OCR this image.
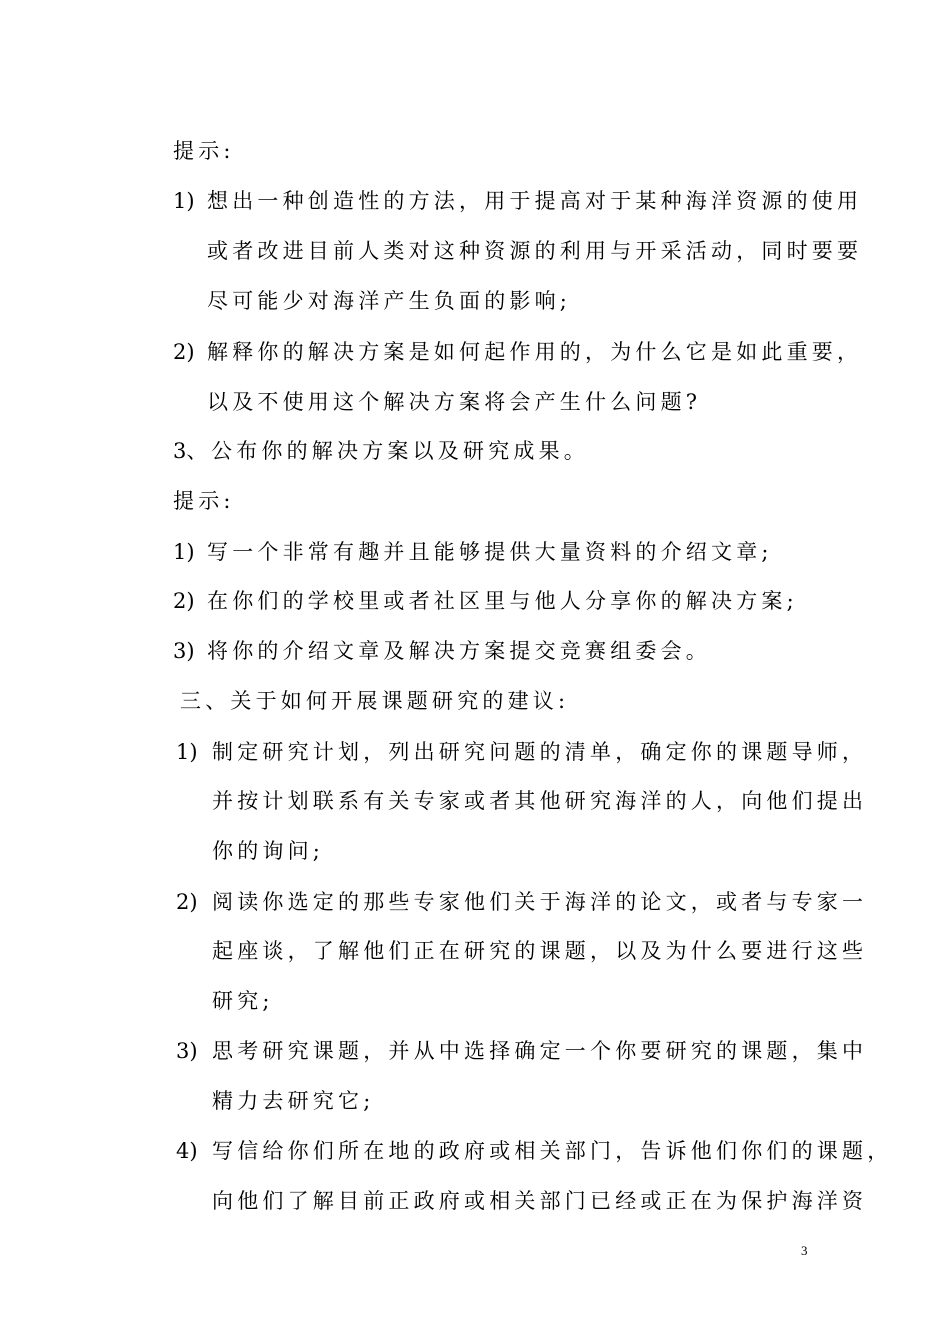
提示:
1) 想出一种创造性的方法，用于提高对于某种海洋资源的使用
或者改进目前人类对这种资源的利用与开采活动，同时要要
尽可能少对海洋产生负面的影响;
2) 解释你的解决方案是如何起作用的，为什么它是如此重要，
以及不使用这个解决方案将会产生什么问题?
3、 公布你的解决方案以及研究成果。
提示:
1) 写一个非常有趣并且能够提供大量资料的介绍文章;
2) 在你们的学校里或者社区里与他人分享你的解决方案;
3) 将你的介绍文章及解决方案提交竞赛组委会。
三、关于如何开展课题研究的建议:
1) 制定研究计划，列出研究问题的清单，确定你的课题导师，
并按计划联系有关专家或者其他研究海洋的人，向他们提出
你的询问;
2) 阅读你选定的那些专家他们关于海洋的论文，或者与专家一
起座谈，了解他们正在研究的课题，以及为什么要进行这些
研究;
3) 思考研究课题，并从中选择确定一个你要研究的课题，集中
精力去研究它;
4) 写信给你们所在地的政府或相关部门，告诉他们你们的课题，
向他们了解目前正政府或相关部门已经或正在为保护海洋资
3
